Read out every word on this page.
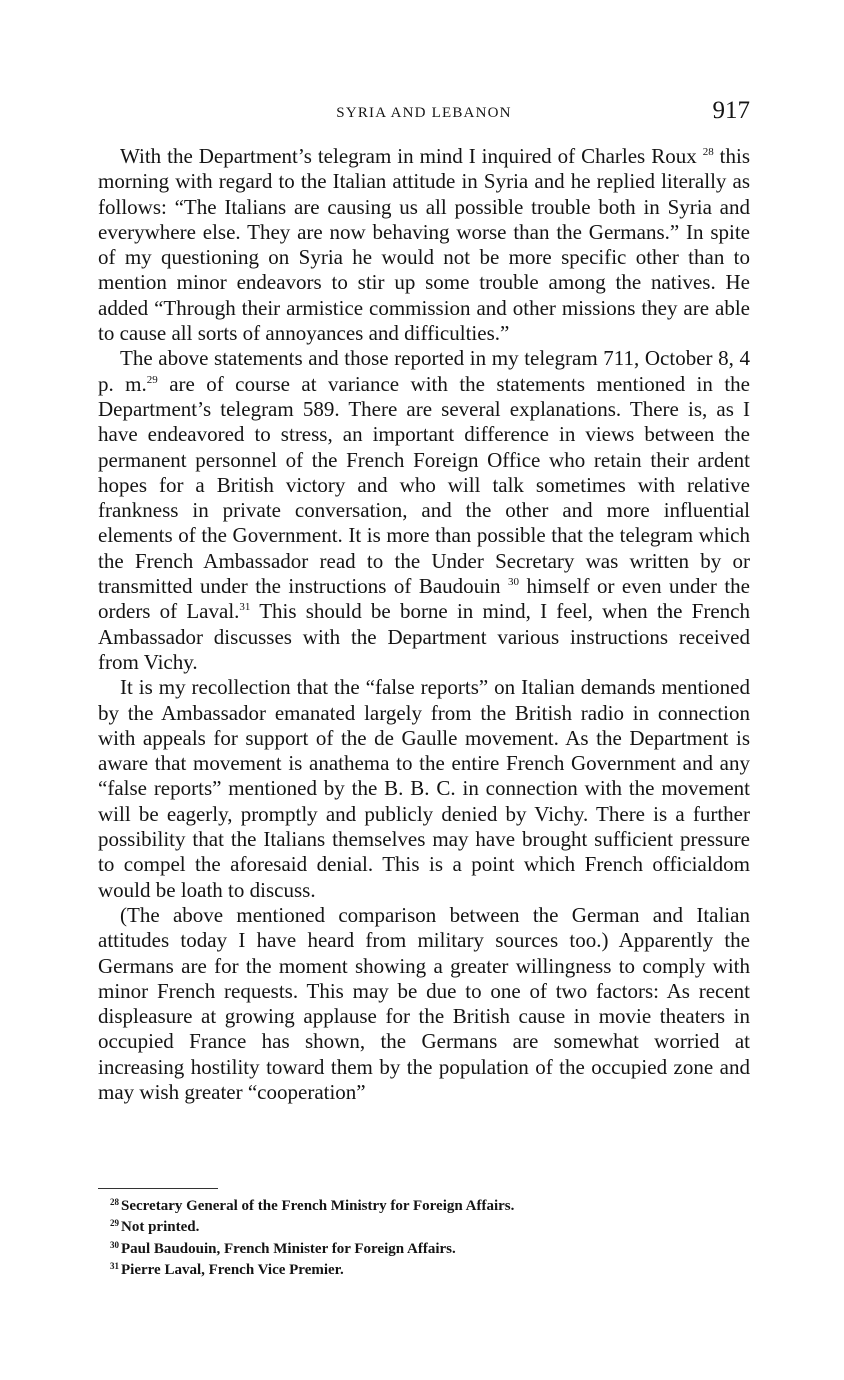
SYRIA AND LEBANON	917

With the Department’s telegram in mind I inquired of Charles Roux $^{28}$ this morning with regard to the Italian attitude in Syria and he replied literally as follows: “The Italians are causing us all possible trouble both in Syria and everywhere else. They are now behaving worse than the Germans.” In spite of my questioning on Syria he would not be more specific other than to mention minor endeavors to stir up some trouble among the natives. He added “Through their armistice commission and other missions they are able to cause all sorts of annoyances and difficulties.”

The above statements and those reported in my telegram 711, October 8, 4 p. m.$^{29}$ are of course at variance with the statements mentioned in the Department’s telegram 589. There are several explanations. There is, as I have endeavored to stress, an important difference in views between the permanent personnel of the French Foreign Office who retain their ardent hopes for a British victory and who will talk sometimes with relative frankness in private conversation, and the other and more influential elements of the Government. It is more than possible that the telegram which the French Ambassador read to the Under Secretary was written by or transmitted under the instructions of Baudouin $^{30}$ himself or even under the orders of Laval.$^{31}$ This should be borne in mind, I feel, when the French Ambassador discusses with the Department various instructions received from Vichy.

It is my recollection that the “false reports” on Italian demands mentioned by the Ambassador emanated largely from the British radio in connection with appeals for support of the de Gaulle movement. As the Department is aware that movement is anathema to the entire French Government and any “false reports” mentioned by the B. B. C. in connection with the movement will be eagerly, promptly and publicly denied by Vichy. There is a further possibility that the Italians themselves may have brought sufficient pressure to compel the aforesaid denial. This is a point which French officialdom would be loath to discuss.

(The above mentioned comparison between the German and Italian attitudes today I have heard from military sources too.) Apparently the Germans are for the moment showing a greater willingness to comply with minor French requests. This may be due to one of two factors: As recent displeasure at growing applause for the British cause in movie theaters in occupied France has shown, the Germans are somewhat worried at increasing hostility toward them by the population of the occupied zone and may wish greater “cooperation”

$^{28}$ Secretary General of the French Ministry for Foreign Affairs.
$^{29}$ Not printed.
$^{30}$ Paul Baudouin, French Minister for Foreign Affairs.
$^{31}$ Pierre Laval, French Vice Premier.
